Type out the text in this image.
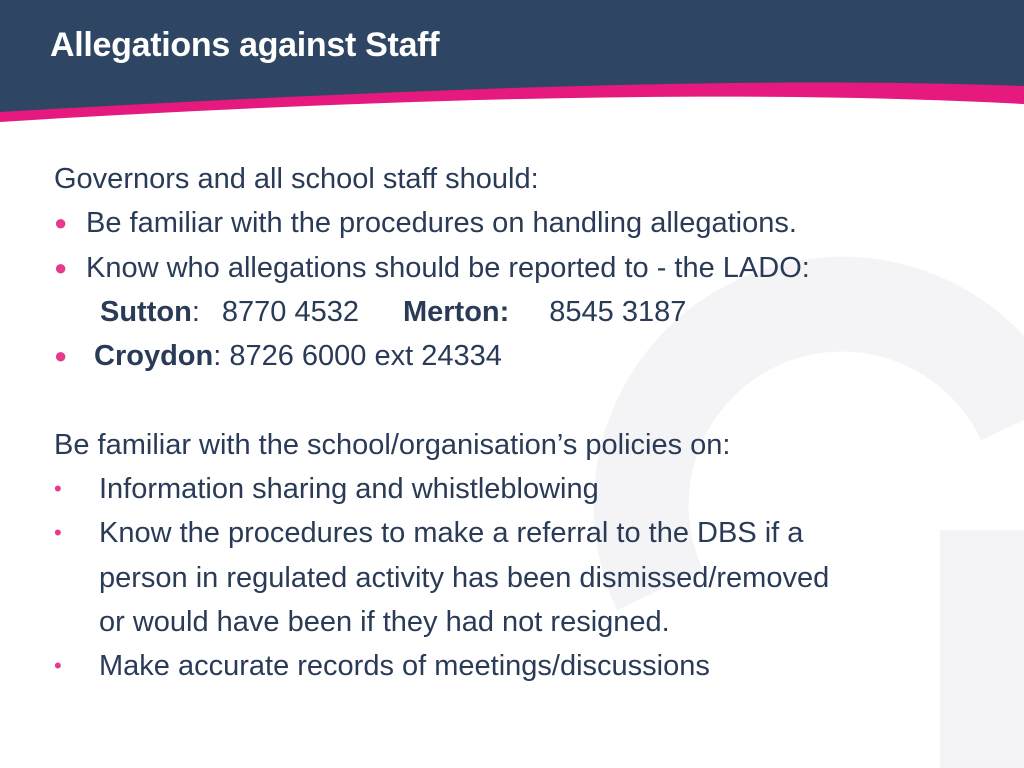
Allegations against Staff
Governors and all school staff should:
● Be familiar with the procedures on handling allegations.
● Know who allegations should be reported to - the LADO:
Sutton: 8770 4532 Merton: 8545 3187
● Croydon: 8726 6000 ext 24334
Be familiar with the school/organisation’s policies on:
• Information sharing and whistleblowing
• Know the procedures to make a referral to the DBS if a
person in regulated activity has been dismissed/removed
or would have been if they had not resigned.
• Make accurate records of meetings/discussions
